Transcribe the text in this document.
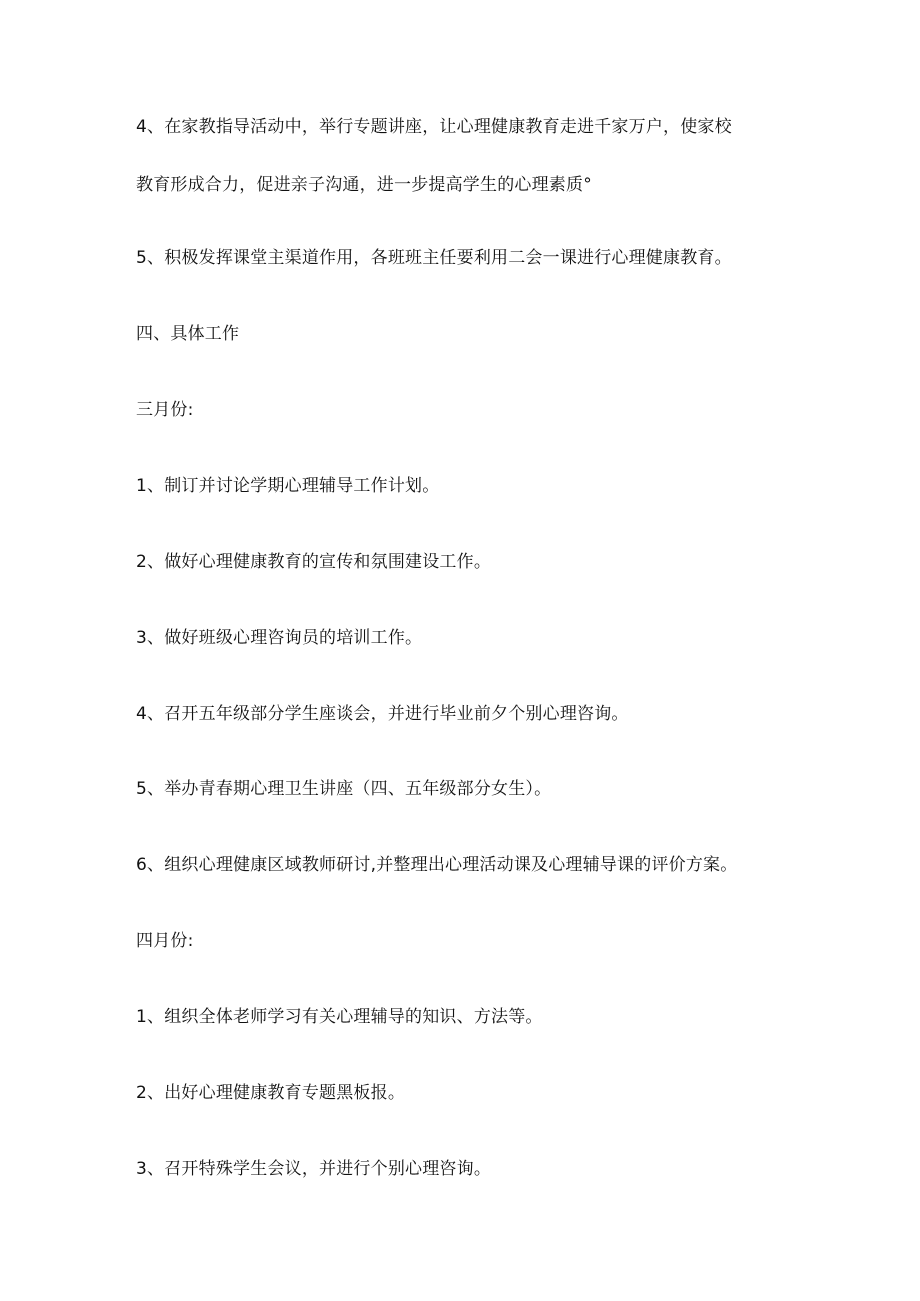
4、在家教指导活动中，举行专题讲座，让心理健康教育走进千家万户，使家校
教育形成合力，促进亲子沟通，进一步提高学生的心理素质°
5、积极发挥课堂主渠道作用，各班班主任要利用二会一课进行心理健康教育。
四、具体工作
三月份:
1、制订并讨论学期心理辅导工作计划。
2、做好心理健康教育的宣传和氛围建设工作。
3、做好班级心理咨询员的培训工作。
4、召开五年级部分学生座谈会，并进行毕业前夕个别心理咨询。
5、举办青春期心理卫生讲座（四、五年级部分女生）。
6、组织心理健康区域教师研讨,并整理出心理活动课及心理辅导课的评价方案。
四月份:
1、组织全体老师学习有关心理辅导的知识、方法等。
2、出好心理健康教育专题黑板报。
3、召开特殊学生会议，并进行个别心理咨询。
